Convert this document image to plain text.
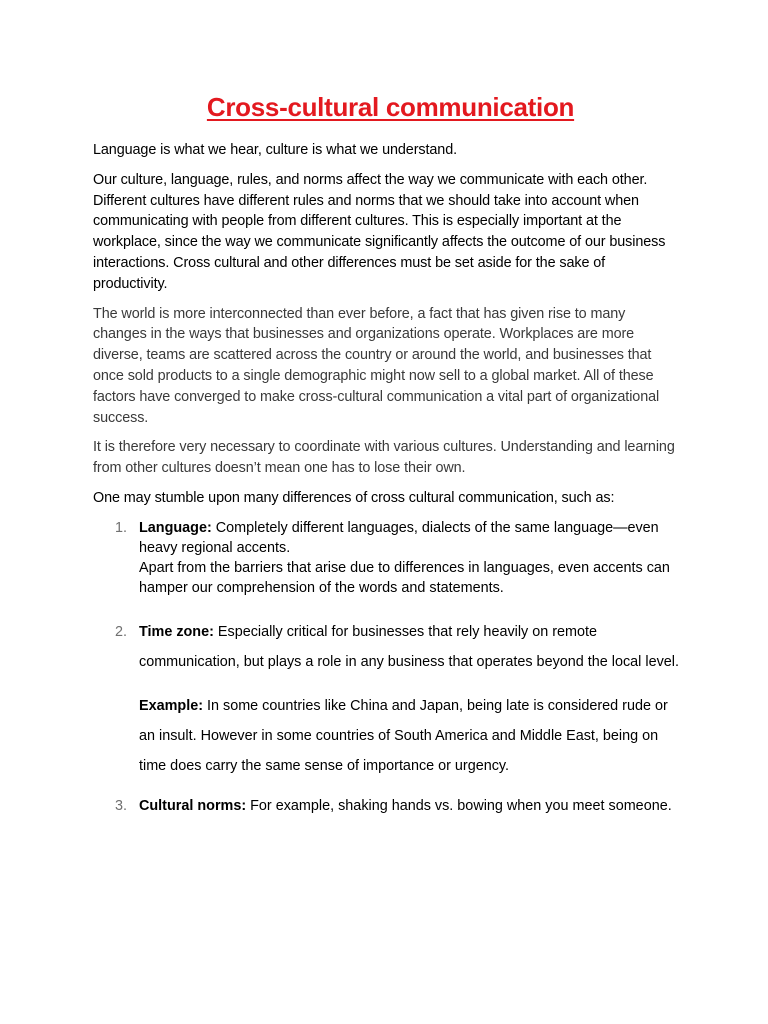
Cross-cultural communication

Language is what we hear, culture is what we understand.

Our culture, language, rules, and norms affect the way we communicate with each other. Different cultures have different rules and norms that we should take into account when communicating with people from different cultures. This is especially important at the workplace, since the way we communicate significantly affects the outcome of our business interactions. Cross cultural and other differences must be set aside for the sake of productivity.

The world is more interconnected than ever before, a fact that has given rise to many changes in the ways that businesses and organizations operate. Workplaces are more diverse, teams are scattered across the country or around the world, and businesses that once sold products to a single demographic might now sell to a global market. All of these factors have converged to make cross-cultural communication a vital part of organizational success.

It is therefore very necessary to coordinate with various cultures. Understanding and learning from other cultures doesn’t mean one has to lose their own.

One may stumble upon many differences of cross cultural communication, such as:

1. Language: Completely different languages, dialects of the same language—even heavy regional accents.
Apart from the barriers that arise due to differences in languages, even accents can hamper our comprehension of the words and statements.
2. Time zone: Especially critical for businesses that rely heavily on remote communication, but plays a role in any business that operates beyond the local level.
Example: In some countries like China and Japan, being late is considered rude or an insult. However in some countries of South America and Middle East, being on time does carry the same sense of importance or urgency.
3. Cultural norms: For example, shaking hands vs. bowing when you meet someone.
